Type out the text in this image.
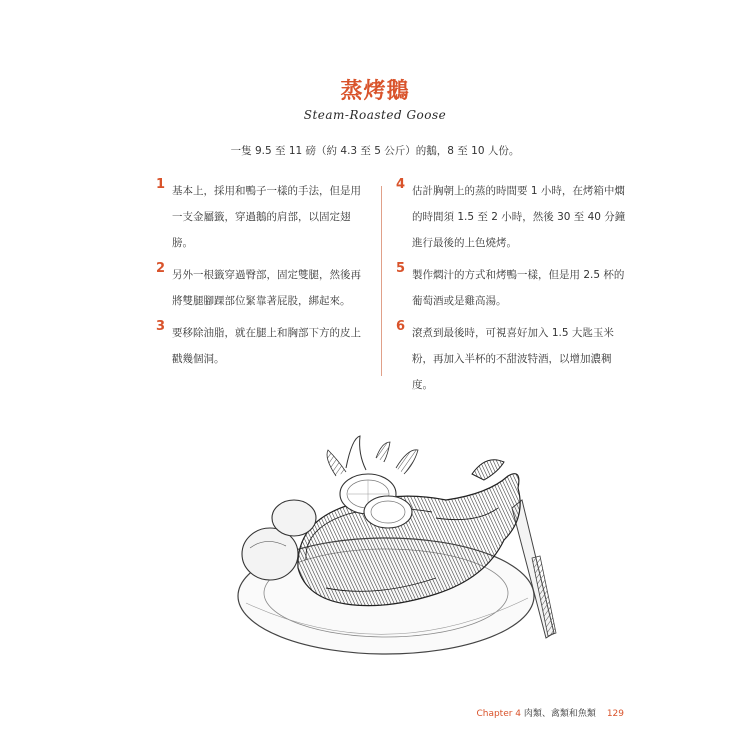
蒸烤鵝
Steam-Roasted Goose
一隻 9.5 至 11 磅（約 4.3 至 5 公斤）的鵝，8 至 10 人份。
1 基本上，採用和鴨子一樣的手法，但是用一支金屬籤，穿過鵝的肩部，以固定翅膀。
2 另外一根籤穿過臀部，固定雙腿，然後再將雙腿腳踝部位緊靠著屁股，綁起來。
3 要移除油脂，就在腿上和胸部下方的皮上戳幾個洞。
4 估計胸朝上的蒸的時間要 1 小時，在烤箱中燜的時間須 1.5 至 2 小時，然後 30 至 40 分鐘進行最後的上色燒烤。
5 製作燜汁的方式和烤鴨一樣，但是用 2.5 杯的葡萄酒或是雞高湯。
6 滾煮到最後時，可視喜好加入 1.5 大匙玉米粉，再加入半杯的不甜波特酒，以增加濃稠度。
Chapter 4 肉類、禽類和魚類 129
